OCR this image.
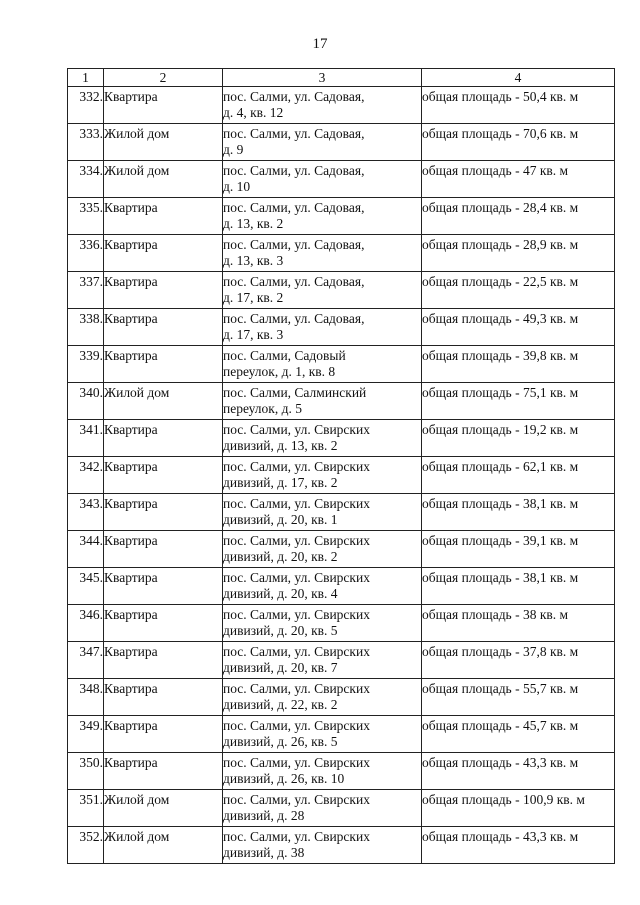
17
1	2	3	4
332.	Квартира	пос. Салми, ул. Садовая,
д. 4, кв. 12	общая площадь - 50,4 кв. м
333.	Жилой дом	пос. Салми, ул. Садовая,
д. 9	общая площадь - 70,6 кв. м
334.	Жилой дом	пос. Салми, ул. Садовая,
д. 10	общая площадь - 47 кв. м
335.	Квартира	пос. Салми, ул. Садовая,
д. 13, кв. 2	общая площадь - 28,4 кв. м
336.	Квартира	пос. Салми, ул. Садовая,
д. 13, кв. 3	общая площадь - 28,9 кв. м
337.	Квартира	пос. Салми, ул. Садовая,
д. 17, кв. 2	общая площадь - 22,5 кв. м
338.	Квартира	пос. Салми, ул. Садовая,
д. 17, кв. 3	общая площадь - 49,3 кв. м
339.	Квартира	пос. Салми, Садовый
переулок, д. 1, кв. 8	общая площадь - 39,8 кв. м
340.	Жилой дом	пос. Салми, Салминский
переулок, д. 5	общая площадь - 75,1 кв. м
341.	Квартира	пос. Салми, ул. Свирских
дивизий, д. 13, кв. 2	общая площадь - 19,2 кв. м
342.	Квартира	пос. Салми, ул. Свирских
дивизий, д. 17, кв. 2	общая площадь - 62,1 кв. м
343.	Квартира	пос. Салми, ул. Свирских
дивизий, д. 20, кв. 1	общая площадь - 38,1 кв. м
344.	Квартира	пос. Салми, ул. Свирских
дивизий, д. 20, кв. 2	общая площадь - 39,1 кв. м
345.	Квартира	пос. Салми, ул. Свирских
дивизий, д. 20, кв. 4	общая площадь - 38,1 кв. м
346.	Квартира	пос. Салми, ул. Свирских
дивизий, д. 20, кв. 5	общая площадь - 38 кв. м
347.	Квартира	пос. Салми, ул. Свирских
дивизий, д. 20, кв. 7	общая площадь - 37,8 кв. м
348.	Квартира	пос. Салми, ул. Свирских
дивизий, д. 22, кв. 2	общая площадь - 55,7 кв. м
349.	Квартира	пос. Салми, ул. Свирских
дивизий, д. 26, кв. 5	общая площадь - 45,7 кв. м
350.	Квартира	пос. Салми, ул. Свирских
дивизий, д. 26, кв. 10	общая площадь - 43,3 кв. м
351.	Жилой дом	пос. Салми, ул. Свирских
дивизий, д. 28	общая площадь - 100,9 кв. м
352.	Жилой дом	пос. Салми, ул. Свирских
дивизий, д. 38	общая площадь - 43,3 кв. м
